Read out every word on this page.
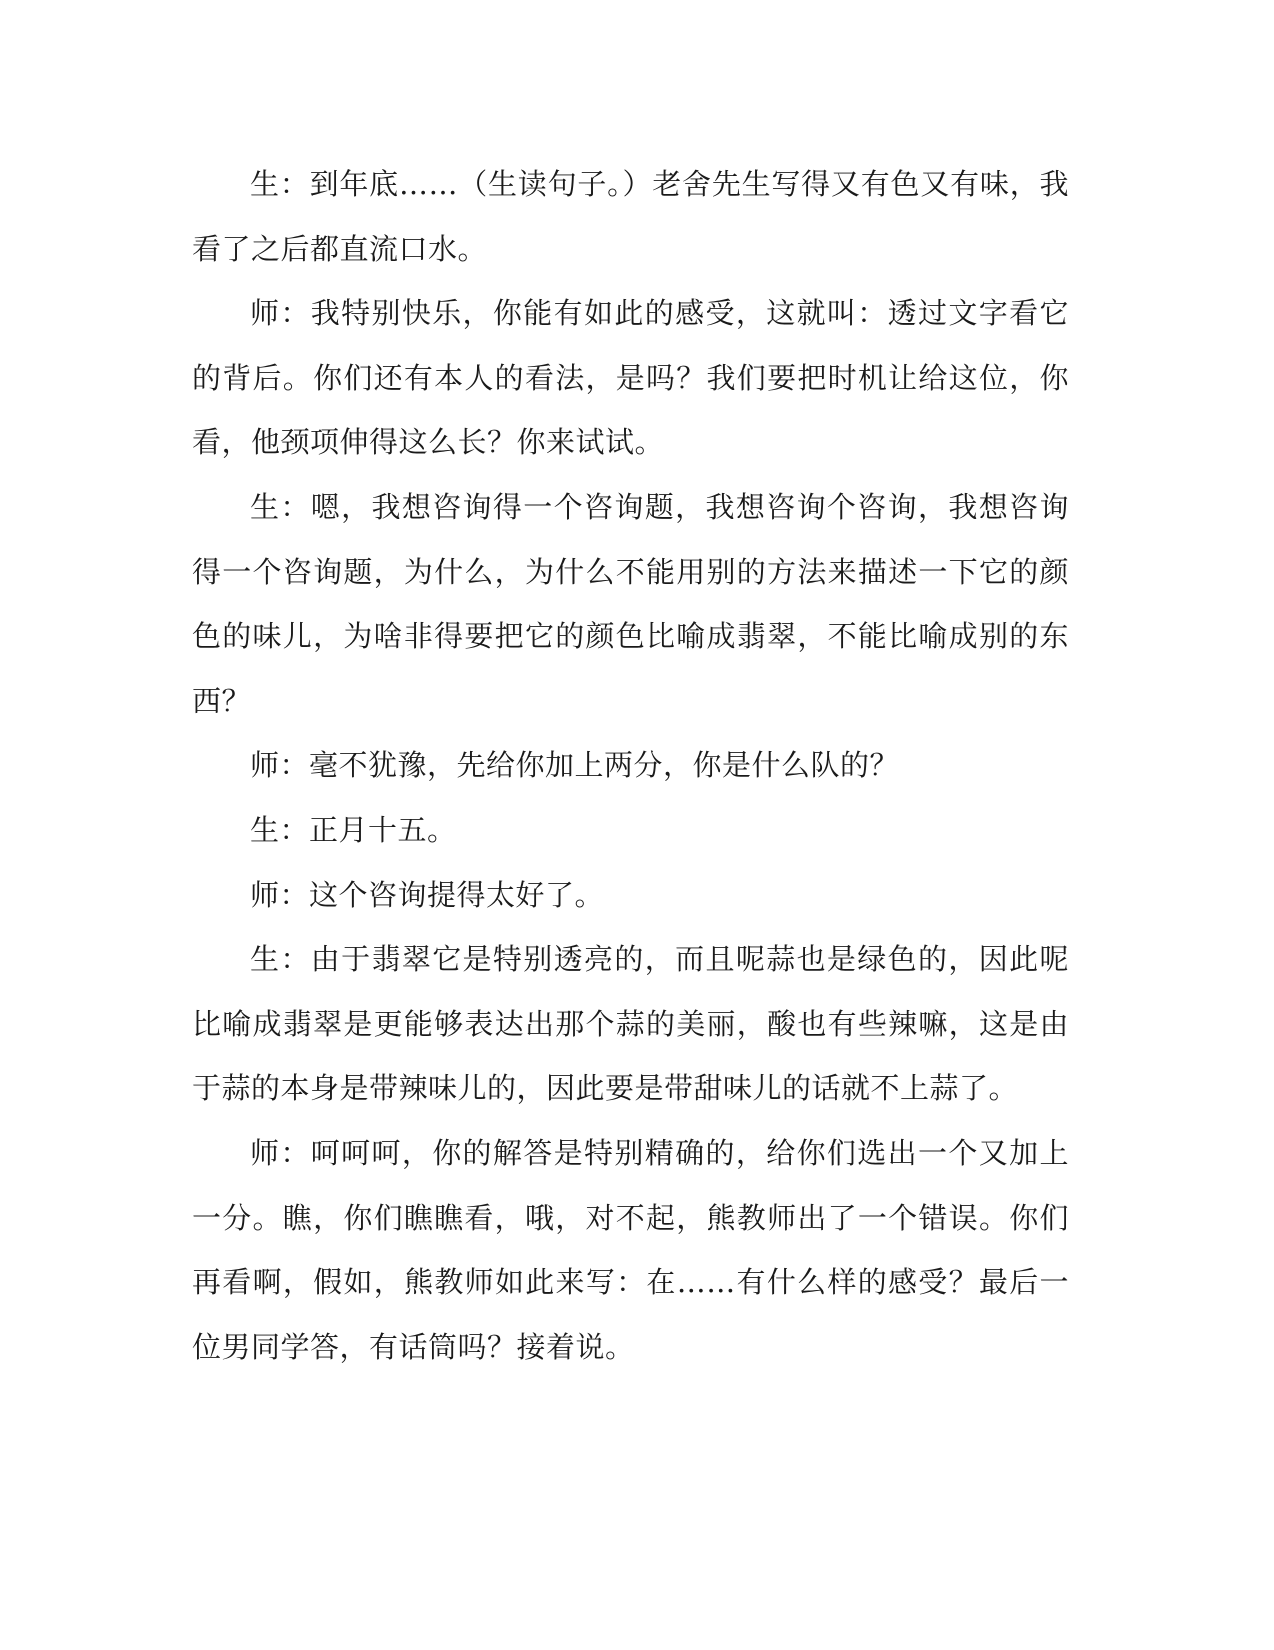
生：到年底……（生读句子。）老舍先生写得又有色又有味，我看了之后都直流口水。

师：我特别快乐，你能有如此的感受，这就叫：透过文字看它的背后。你们还有本人的看法，是吗？我们要把时机让给这位，你看，他颈项伸得这么长？你来试试。

生：嗯，我想咨询得一个咨询题，我想咨询个咨询，我想咨询得一个咨询题，为什么，为什么不能用别的方法来描述一下它的颜色的味儿，为啥非得要把它的颜色比喻成翡翠，不能比喻成别的东西？

师：毫不犹豫，先给你加上两分，你是什么队的？

生：正月十五。

师：这个咨询提得太好了。

生：由于翡翠它是特别透亮的，而且呢蒜也是绿色的，因此呢比喻成翡翠是更能够表达出那个蒜的美丽，酸也有些辣嘛，这是由于蒜的本身是带辣味儿的，因此要是带甜味儿的话就不上蒜了。

师：呵呵呵，你的解答是特别精确的，给你们选出一个又加上一分。瞧，你们瞧瞧看，哦，对不起，熊教师出了一个错误。你们再看啊，假如，熊教师如此来写：在……有什么样的感受？最后一位男同学答，有话筒吗？接着说。
